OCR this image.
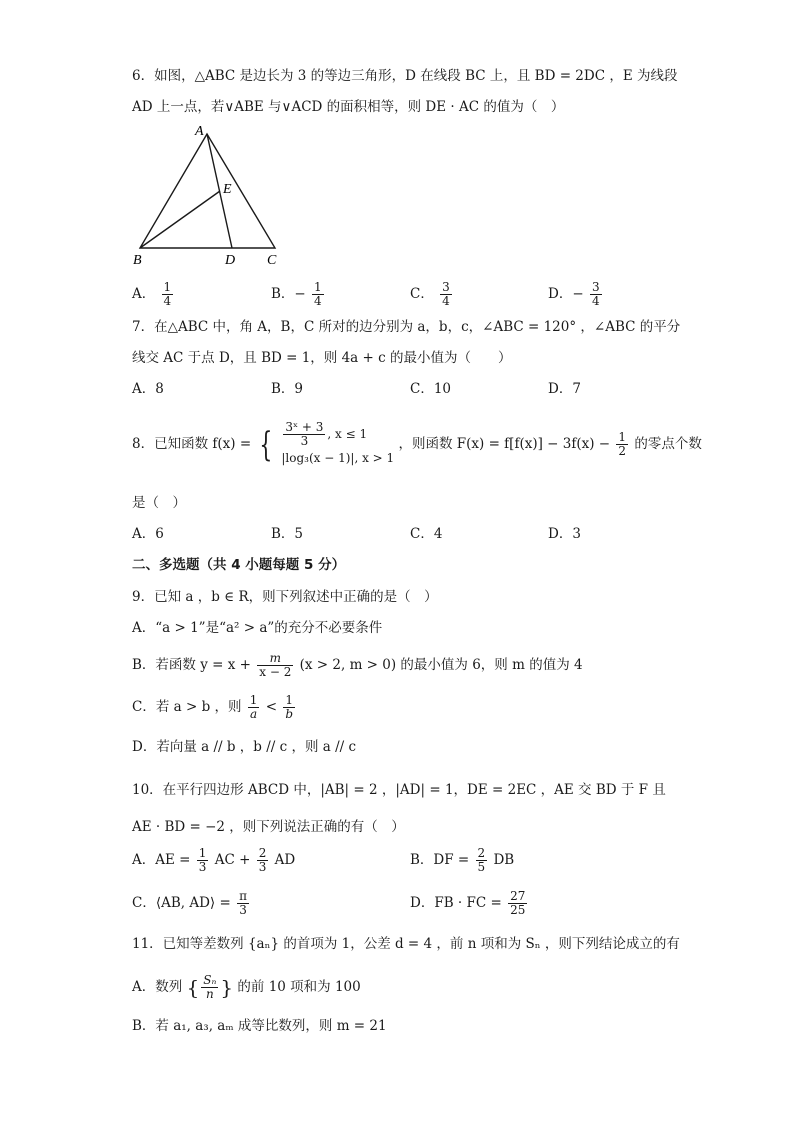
6．如图，△ABC 是边长为 3 的等边三角形，D 在线段 BC 上，且 BD = 2DC ，E 为线段
AD 上一点，若∨ABE 与∨ACD 的面积相等，则 DE · AC 的值为（　）
A
E
B	D C
A． $\frac{1}{4}$	B．− $\frac{1}{4}$	C． $\frac{3}{4}$	D．− $\frac{3}{4}$
7．在△ABC 中，角 A，B，C 所对的边分别为 a，b，c，∠ABC = 120° ，∠ABC 的平分
线交 AC 于点 D，且 BD = 1，则 4a + c 的最小值为（　　）
A．8	B．9	C．10	D．7
8．已知函数 f(x) = { $\frac{\text{3ˣ + 3}}{3}$ , x ≤ 1
|log₃(x − 1)|, x > 1
，则函数 $F(x) = f[f(x)] - 3f(x) - \frac{1}{2}$ 的零点个数
是（　）
A．6	B．5	C．4	D．3
二、多选题（共 4 小题每题 5 分）
9．已知 a ，b ∈ R，则下列叙述中正确的是（　）
A．“a > 1”是“a² > a”的充分不必要条件
B．若函数 $y = x + \frac{m}{x - 2} (x > 2$, m > 0) 的最小值为 6，则 m 的值为 4
C．若 a > b ，则 $\frac{1}{a} < \frac{1}{b}$
D．若向量 a // b ，b // c ，则 a // c
10．在平行四边形 ABCD 中，|AB| = 2 ，|AD| = 1，DE = 2EC ，AE 交 BD 于 F 且
AE · BD = −2 ，则下列说法正确的有（　）
A．AE = $\frac{1}{3}$ AC + $\frac{2}{3}$ AD	B．DF = $\frac{2}{5}$ DB
C．⟨AB, AD⟩ = $\frac{\pi}{3}$	D．FB · FC = $\frac{27}{25}$
11．已知等差数列 {aₙ} 的首项为 1，公差 d = 4 ，前 n 项和为 Sₙ ，则下列结论成立的有
A．数列 { $\frac{\text{Sₙ}}{n}$ } 的前 10 项和为 100
B．若 a₁, a₃, aₘ 成等比数列，则 m = 21
